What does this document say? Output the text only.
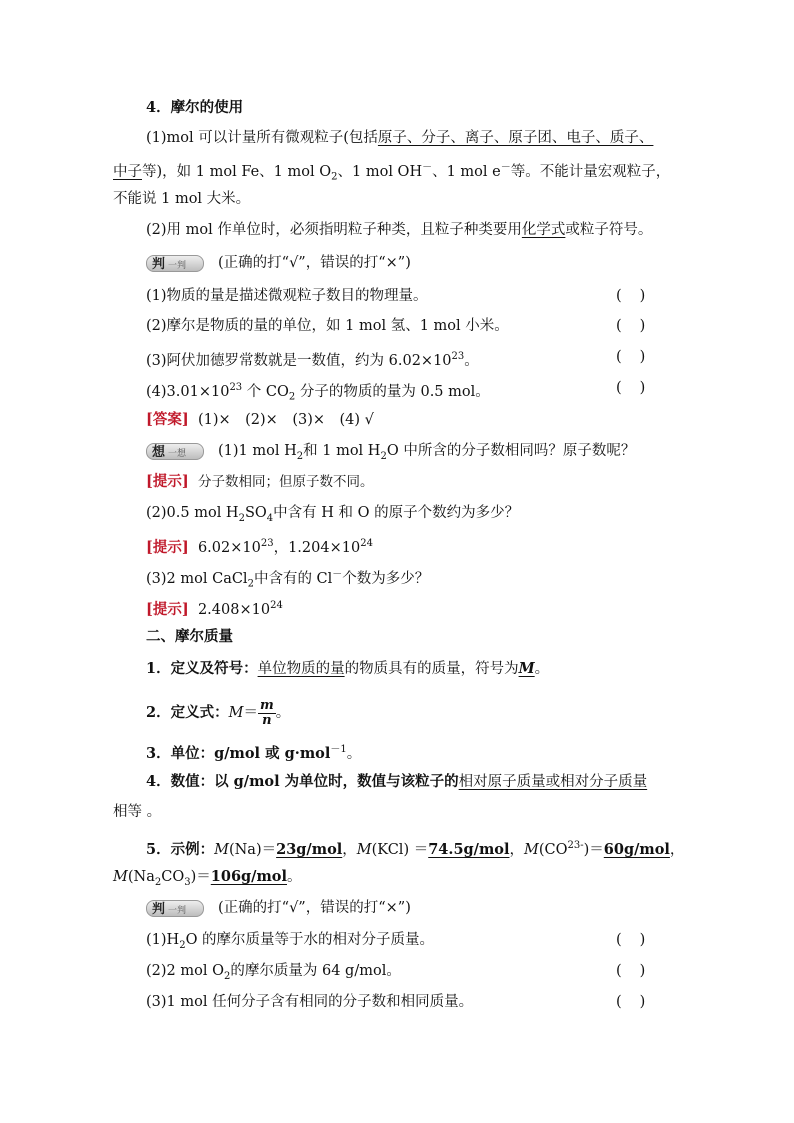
4．摩尔的使用
(1)mol 可以计量所有微观粒子(包括原子、分子、离子、原子团、电子、质子、
中子等)，如 1 mol Fe、1 mol $O_2$、1 mol OH－、1 mol e－等。不能计量宏观粒子，
不能说 1 mol 大米。
(2)用 mol 作单位时，必须指明粒子种类，且粒子种类要用化学式或粒子符号。
判 一判	(正确的打“√”，错误的打“×”)
(1)物质的量是描述微观粒子数目的物理量。	()
(2)摩尔是物质的量的单位，如 1 mol 氢、1 mol 小米。	()
(3)阿伏加德罗常数就是一数值，约为 $6.02\times 10^{23}$。	()
$(4)3.01\times 10^{23}$ 个 $CO_2$ 分子的物质的量为 0.5 mol。	()
[答案] (1)×　(2)×　(3)×　(4) √
想 一想	(1)1 mol $H_2$和 1 mol $H_2O$ 中所含的分子数相同吗？原子数呢？
[提示] 分子数相同；但原子数不同。
(2)0.5 mol $H_2SO_4$中含有 H 和 O 的原子个数约为多少？
[提示] $6.02\times 10^{23}$，$1.204\times 10^{24}$
(3)2 mol CaCl$_2$中含有的 Cl－个数为多少？
[提示] $2.408\times 10^{24}$
二、摩尔质量
1．定义及符号：单位物质的量的物质具有的质量，符号为M。
2．定义式：$M= \frac{m}{n}$ 。
3．单位：g/mol 或 g·mol$^{-1}$。
4．数值：以 g/mol 为单位时，数值与该粒子的相对原子质量或相对分子质量
相等 。
5．示例：M(Na)＝23g/mol，M(KCl) ＝74.5g/mol，$M(CO^{23-})=60g$/mol，
$M(Na_2CO_3)=106g$/mol。
判 一判	(正确的打“√”，错误的打“×”)
$(1)H_2O$ 的摩尔质量等于水的相对分子质量。	()
(2)2 mol $O_2$的摩尔质量为 64 g/mol。	()
(3)1 mol 任何分子含有相同的分子数和相同质量。	()
